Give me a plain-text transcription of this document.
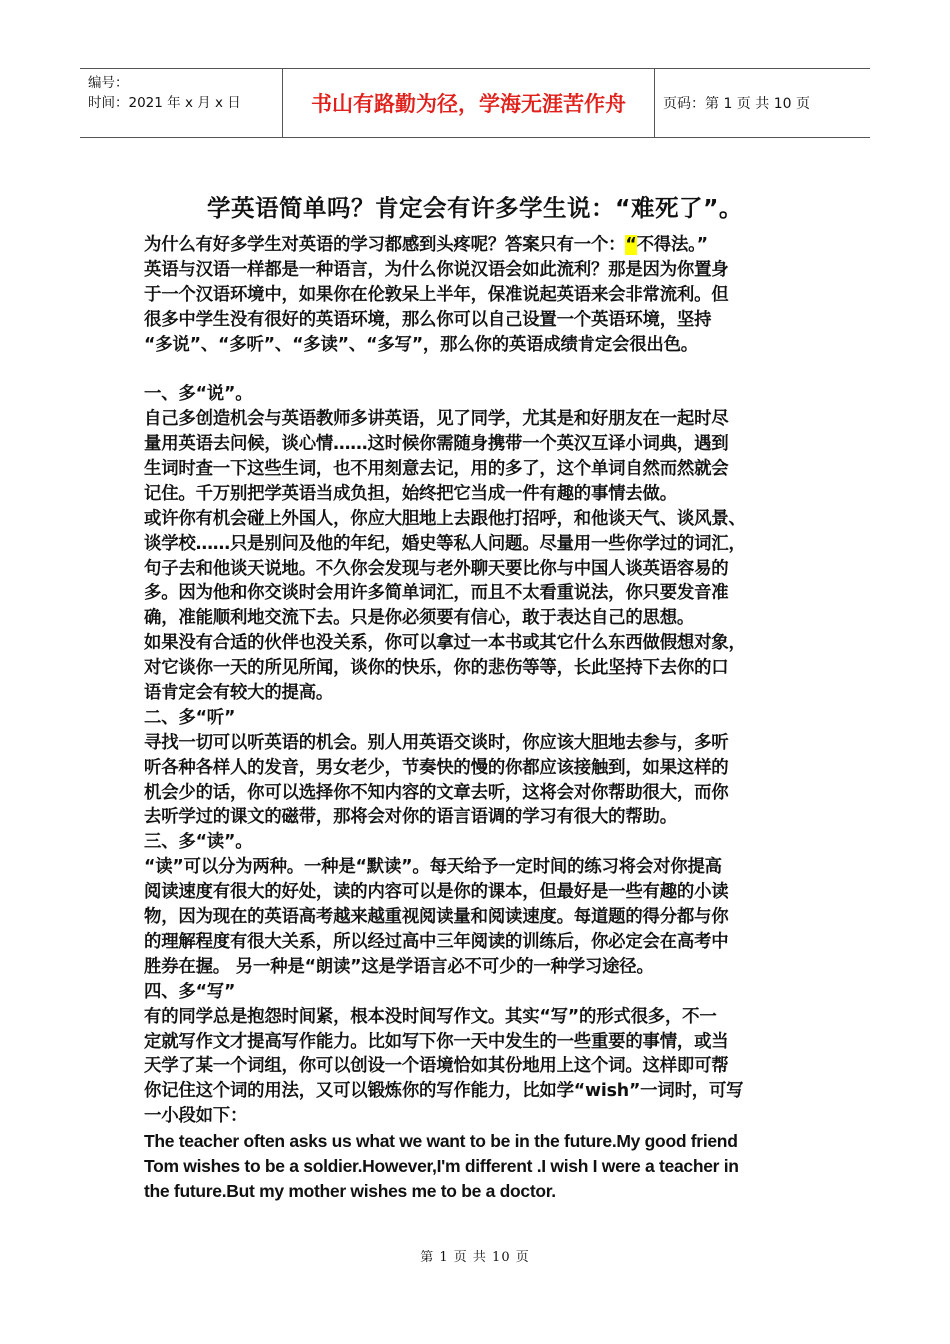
编号：
时间：2021 年 x 月 x 日	书山有路勤为径，学海无涯苦作舟	页码：第 1 页 共 10 页
学英语简单吗？肯定会有许多学生说：“难死了”。
为什么有好多学生对英语的学习都感到头疼呢？答案只有一个：“不得法。”
英语与汉语一样都是一种语言，为什么你说汉语会如此流利？那是因为你置身
于一个汉语环境中，如果你在伦敦呆上半年，保准说起英语来会非常流利。但
很多中学生没有很好的英语环境，那么你可以自己设置一个英语环境，坚持
“多说”、“多听”、“多读”、“多写”，那么你的英语成绩肯定会很出色。
一、多“说”。
自己多创造机会与英语教师多讲英语，见了同学，尤其是和好朋友在一起时尽
量用英语去问候，谈心情……这时候你需随身携带一个英汉互译小词典，遇到
生词时查一下这些生词，也不用刻意去记，用的多了，这个单词自然而然就会
记住。千万别把学英语当成负担，始终把它当成一件有趣的事情去做。
或许你有机会碰上外国人，你应大胆地上去跟他打招呼，和他谈天气、谈风景、
谈学校……只是别问及他的年纪，婚史等私人问题。尽量用一些你学过的词汇，
句子去和他谈天说地。不久你会发现与老外聊天要比你与中国人谈英语容易的
多。因为他和你交谈时会用许多简单词汇，而且不太看重说法，你只要发音准
确，准能顺利地交流下去。只是你必须要有信心，敢于表达自己的思想。
如果没有合适的伙伴也没关系，你可以拿过一本书或其它什么东西做假想对象，
对它谈你一天的所见所闻，谈你的快乐，你的悲伤等等，长此坚持下去你的口
语肯定会有较大的提高。
二、多“听”
寻找一切可以听英语的机会。别人用英语交谈时，你应该大胆地去参与，多听
听各种各样人的发音，男女老少，节奏快的慢的你都应该接触到，如果这样的
机会少的话，你可以选择你不知内容的文章去听，这将会对你帮助很大，而你
去听学过的课文的磁带，那将会对你的语言语调的学习有很大的帮助。
三、多“读”。
“读”可以分为两种。一种是“默读”。每天给予一定时间的练习将会对你提高
阅读速度有很大的好处，读的内容可以是你的课本，但最好是一些有趣的小读
物，因为现在的英语高考越来越重视阅读量和阅读速度。每道题的得分都与你
的理解程度有很大关系，所以经过高中三年阅读的训练后，你必定会在高考中
胜券在握。 另一种是“朗读”这是学语言必不可少的一种学习途径。
四、多“写”
有的同学总是抱怨时间紧，根本没时间写作文。其实“写”的形式很多，不一
定就写作文才提高写作能力。比如写下你一天中发生的一些重要的事情，或当
天学了某一个词组，你可以创设一个语境恰如其份地用上这个词。这样即可帮
你记住这个词的用法，又可以锻炼你的写作能力，比如学“wish”一词时，可写
一小段如下：
The teacher often asks us what we want to be in the future.My good friend
Tom wishes to be a soldier.However,I'm different .I wish I were a teacher in
the future.But my mother wishes me to be a doctor.
第 1 页 共 10 页
